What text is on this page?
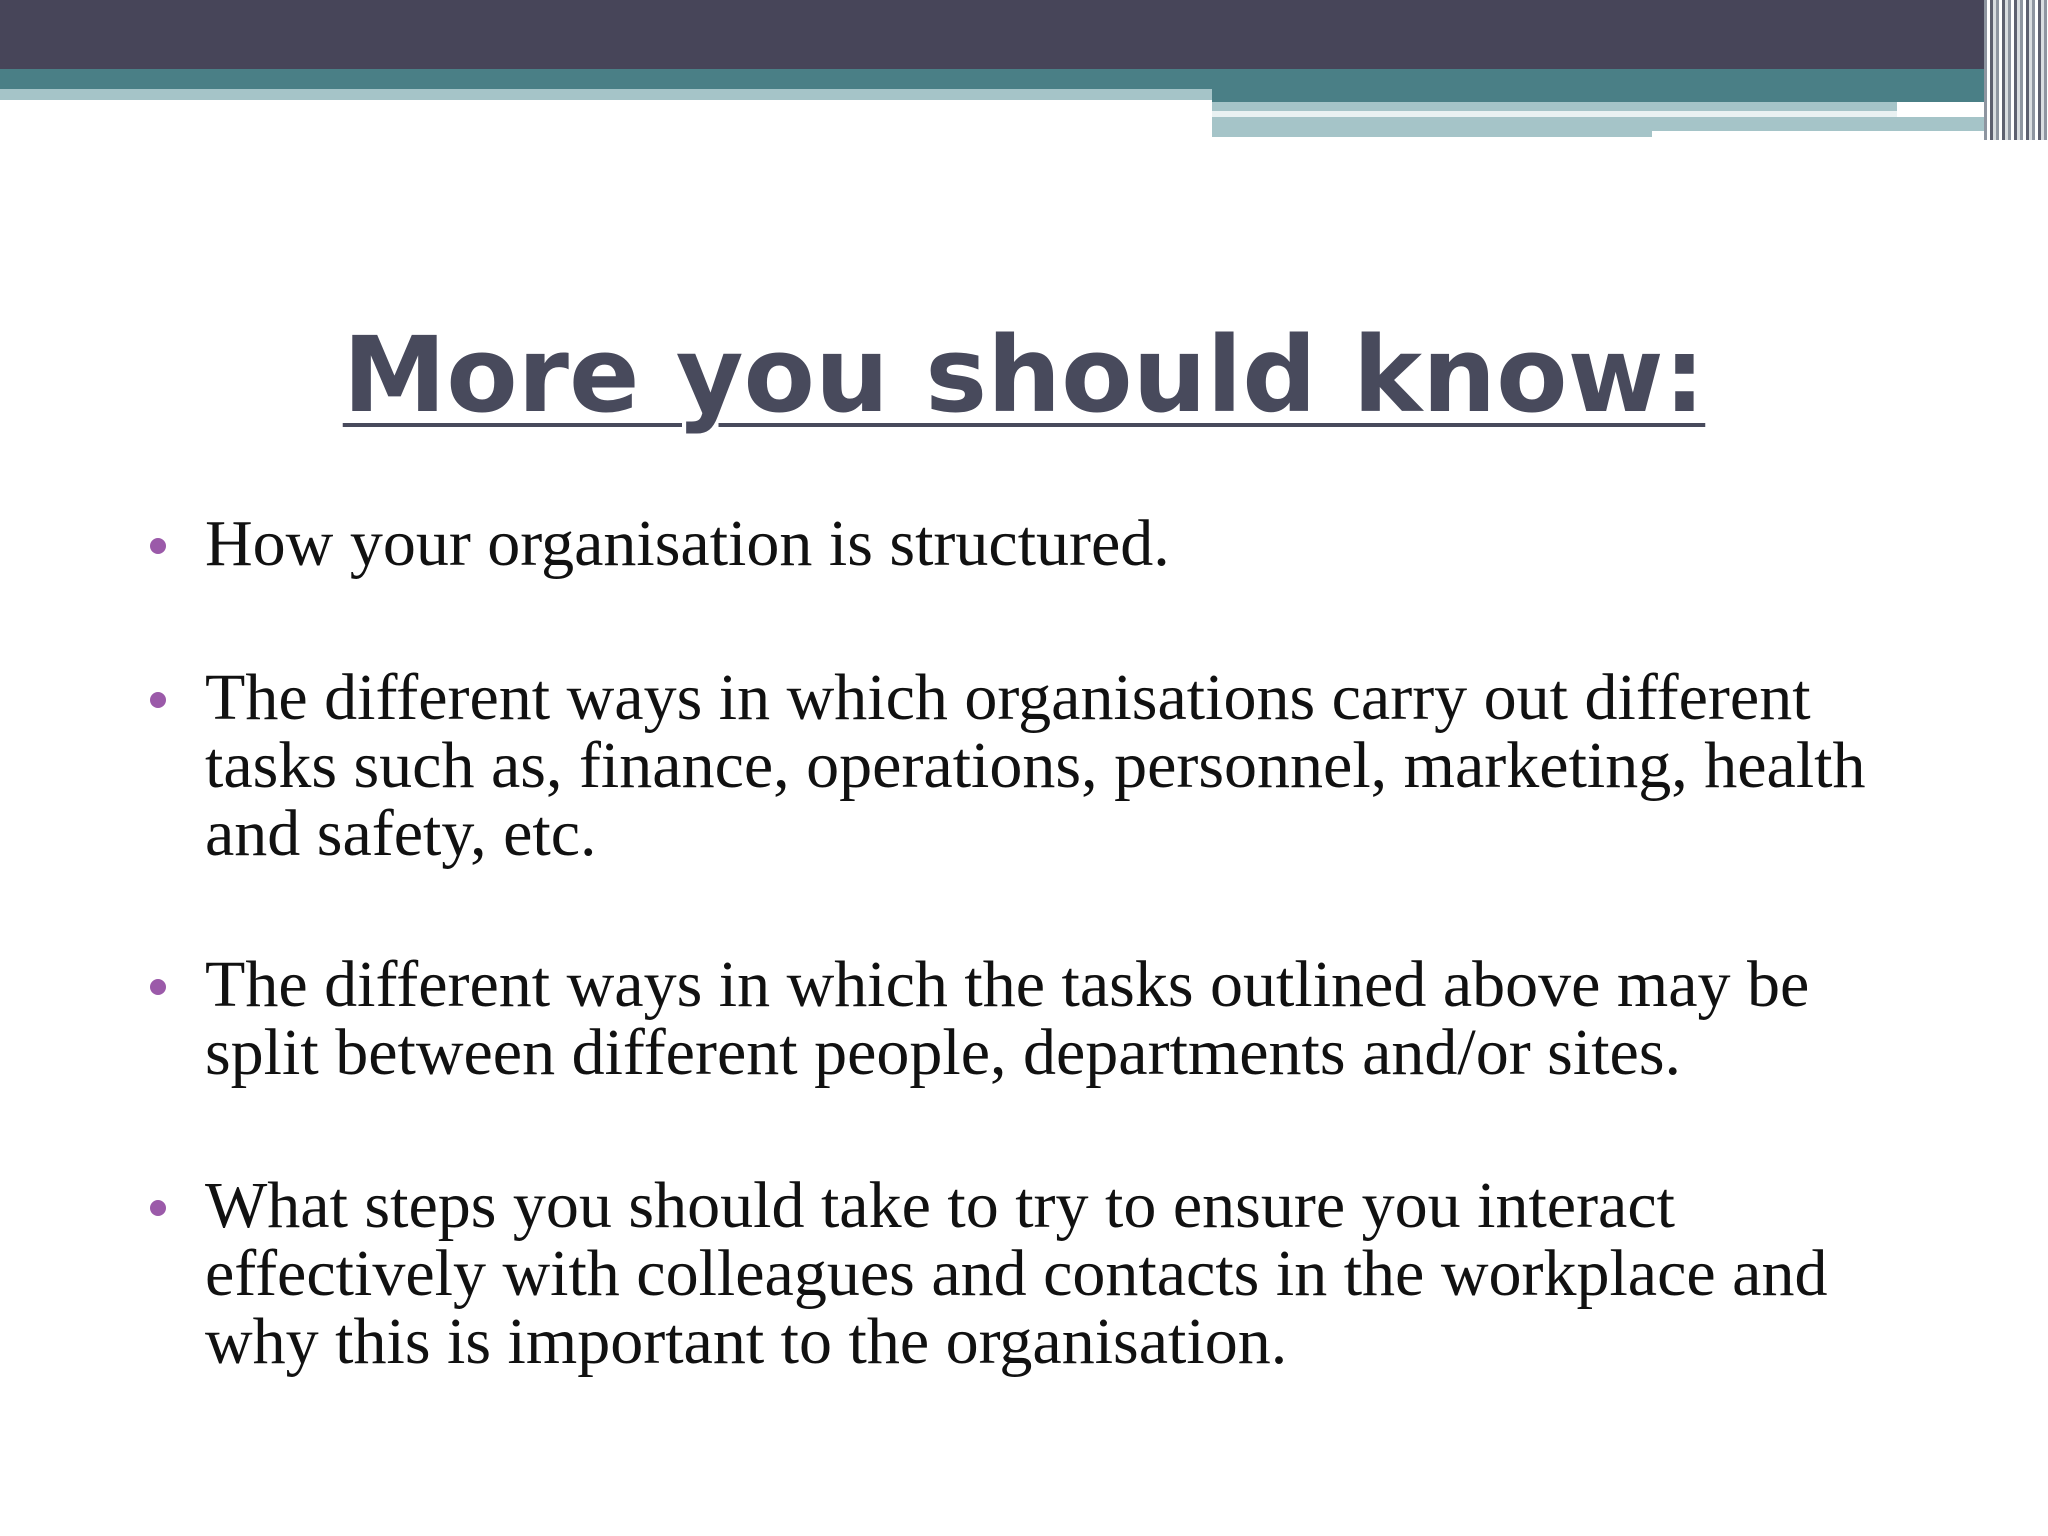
More you should know:
How your organisation is structured.
The different ways in which organisations carry out different tasks such as, finance, operations, personnel, marketing, health and safety, etc.
The different ways in which the tasks outlined above may be split between different people, departments and/or sites.
What steps you should take to try to ensure you interact effectively with colleagues and contacts in the workplace and why this is important to the organisation.
